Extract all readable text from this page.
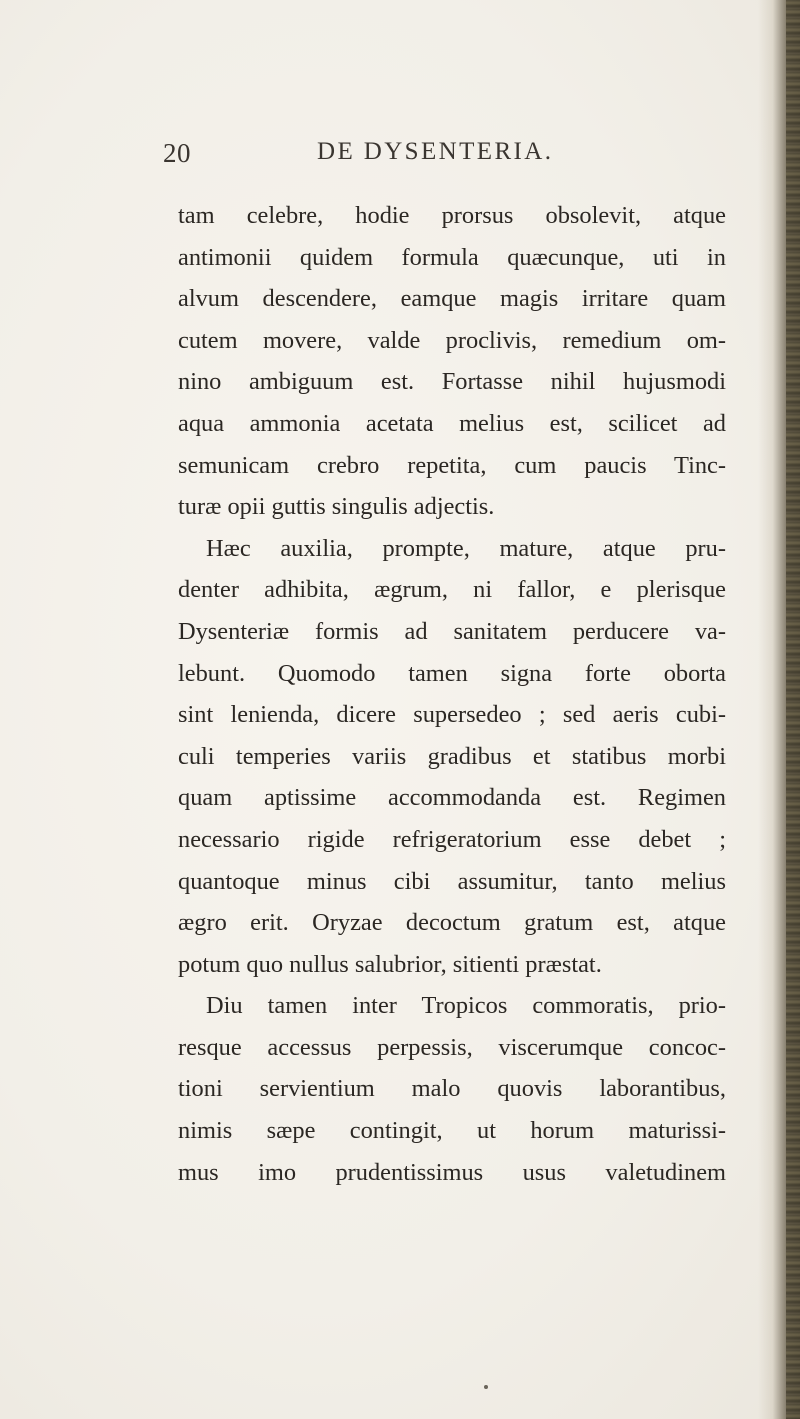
20	DE DYSENTERIA.
tam celebre, hodie prorsus obsolevit, atque
antimonii quidem formula quæcunque, uti in
alvum descendere, eamque magis irritare quam
cutem movere, valde proclivis, remedium om-
nino ambiguum est. Fortasse nihil hujusmodi
aqua ammonia acetata melius est, scilicet ad
semunicam crebro repetita, cum paucis Tinc-
turæ opii guttis singulis adjectis.
Hæc auxilia, prompte, mature, atque pru-
denter adhibita, ægrum, ni fallor, e plerisque
Dysenteriæ formis ad sanitatem perducere va-
lebunt. Quomodo tamen signa forte oborta
sint lenienda, dicere supersedeo ; sed aeris cubi-
culi temperies variis gradibus et statibus morbi
quam aptissime accommodanda est. Regimen
necessario rigide refrigeratorium esse debet ;
quantoque minus cibi assumitur, tanto melius
ægro erit. Oryzae decoctum gratum est, atque
potum quo nullus salubrior, sitienti præstat.
Diu tamen inter Tropicos commoratis, prio-
resque accessus perpessis, viscerumque concoc-
tioni servientium malo quovis laborantibus,
nimis sæpe contingit, ut horum maturissi-
mus imo prudentissimus usus valetudinem
